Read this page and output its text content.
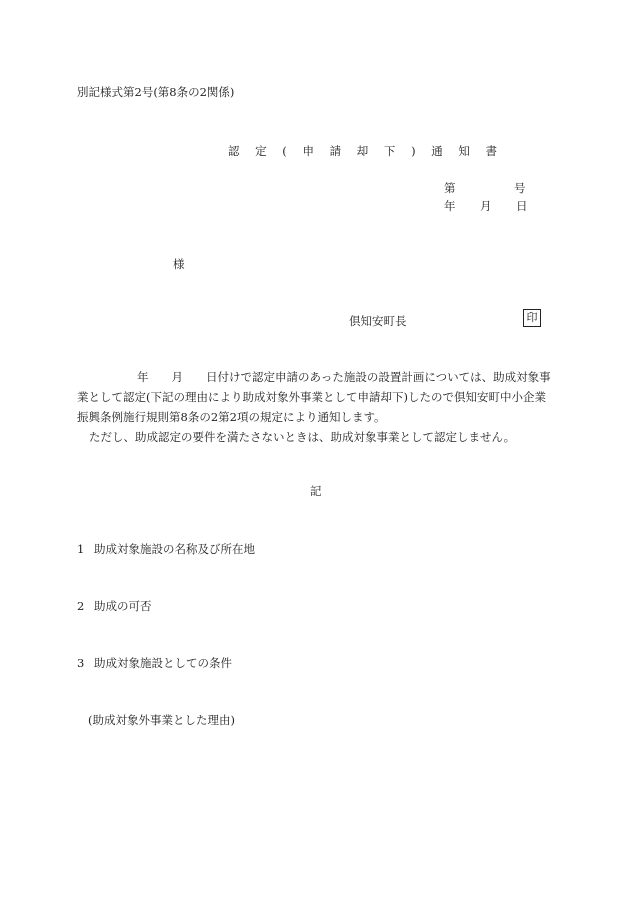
別記様式第2号(第8条の2関係)
認 定 ( 申 請 却 下 ) 通 知 書
第	号
年 月 日
様
倶知安町長	印

年　　月　　日付けで認定申請のあった施設の設置計画については、助成対象事業として認定(下記の理由により助成対象外事業として申請却下)したので倶知安町中小企業振興条例施行規則第8条の2第2項の規定により通知します。

ただし、助成認定の要件を満たさないときは、助成対象事業として認定しません。

記
1 助成対象施設の名称及び所在地
2 助成の可否
3 助成対象施設としての条件
(助成対象外事業とした理由)
